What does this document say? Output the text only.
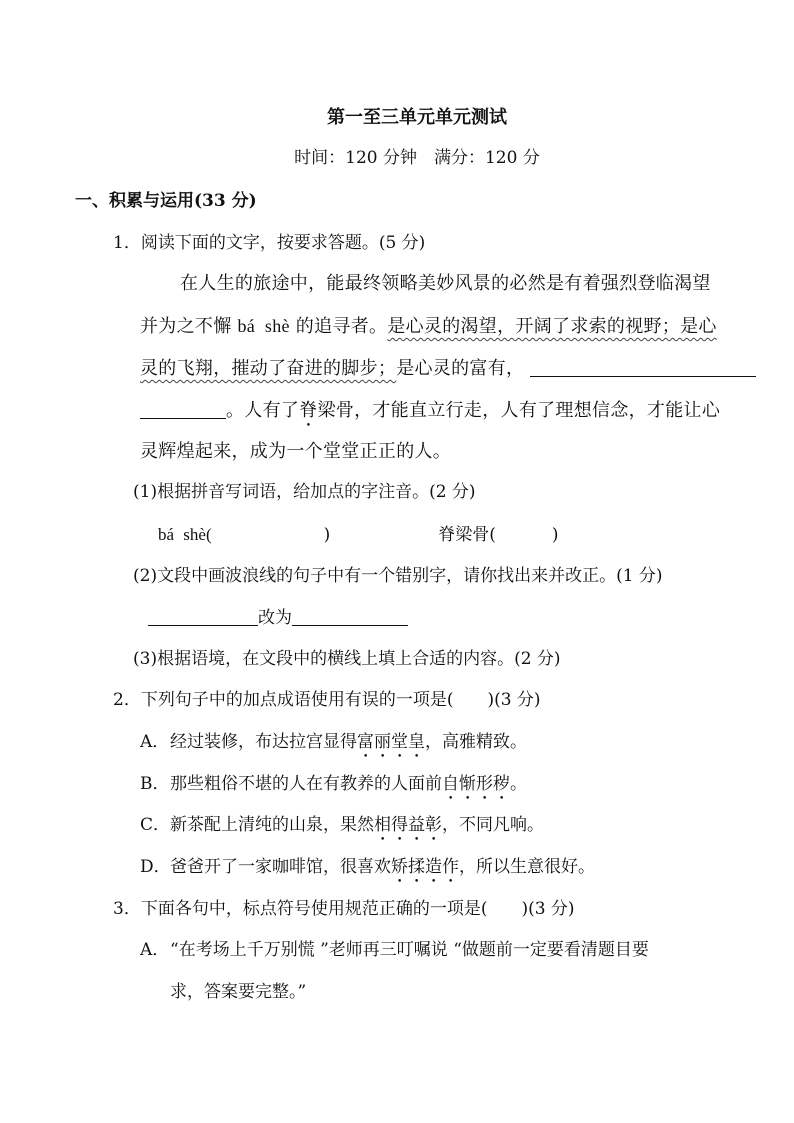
第一至三单元单元测试
时间：120 分钟　满分：120 分
一、积累与运用(33 分)
1．阅读下面的文字，按要求答题。(5 分)
在人生的旅途中，能最终领略美妙风景的必然是有着强烈登临渴望
并为之不懈 bá shè 的追寻者。是心灵的渴望，开阔了求索的视野；是心
灵的飞翔，摧动了奋进的脚步；是心灵的富有，
。人有了脊梁骨，才能直立行走，人有了理想信念，才能让心
灵辉煌起来，成为一个堂堂正正的人。
(1)根据拼音写词语，给加点的字注音。(2 分)
bá shè(	)	脊梁骨(	)
(2)文段中画波浪线的句子中有一个错别字，请你找出来并改正。(1 分)
改为
(3)根据语境，在文段中的横线上填上合适的内容。(2 分)
2．下列句子中的加点成语使用有误的一项是(　　)(3 分)
A．经过装修，布达拉宫显得富丽堂皇，高雅精致。
B．那些粗俗不堪的人在有教养的人面前自惭形秽。
C．新茶配上清纯的山泉，果然相得益彰，不同凡响。
D．爸爸开了一家咖啡馆，很喜欢矫揉造作，所以生意很好。
3．下面各句中，标点符号使用规范正确的一项是(　　)(3 分)
A．“在考场上千万别慌 ”老师再三叮嘱说 “做题前一定要看清题目要
求，答案要完整。”
